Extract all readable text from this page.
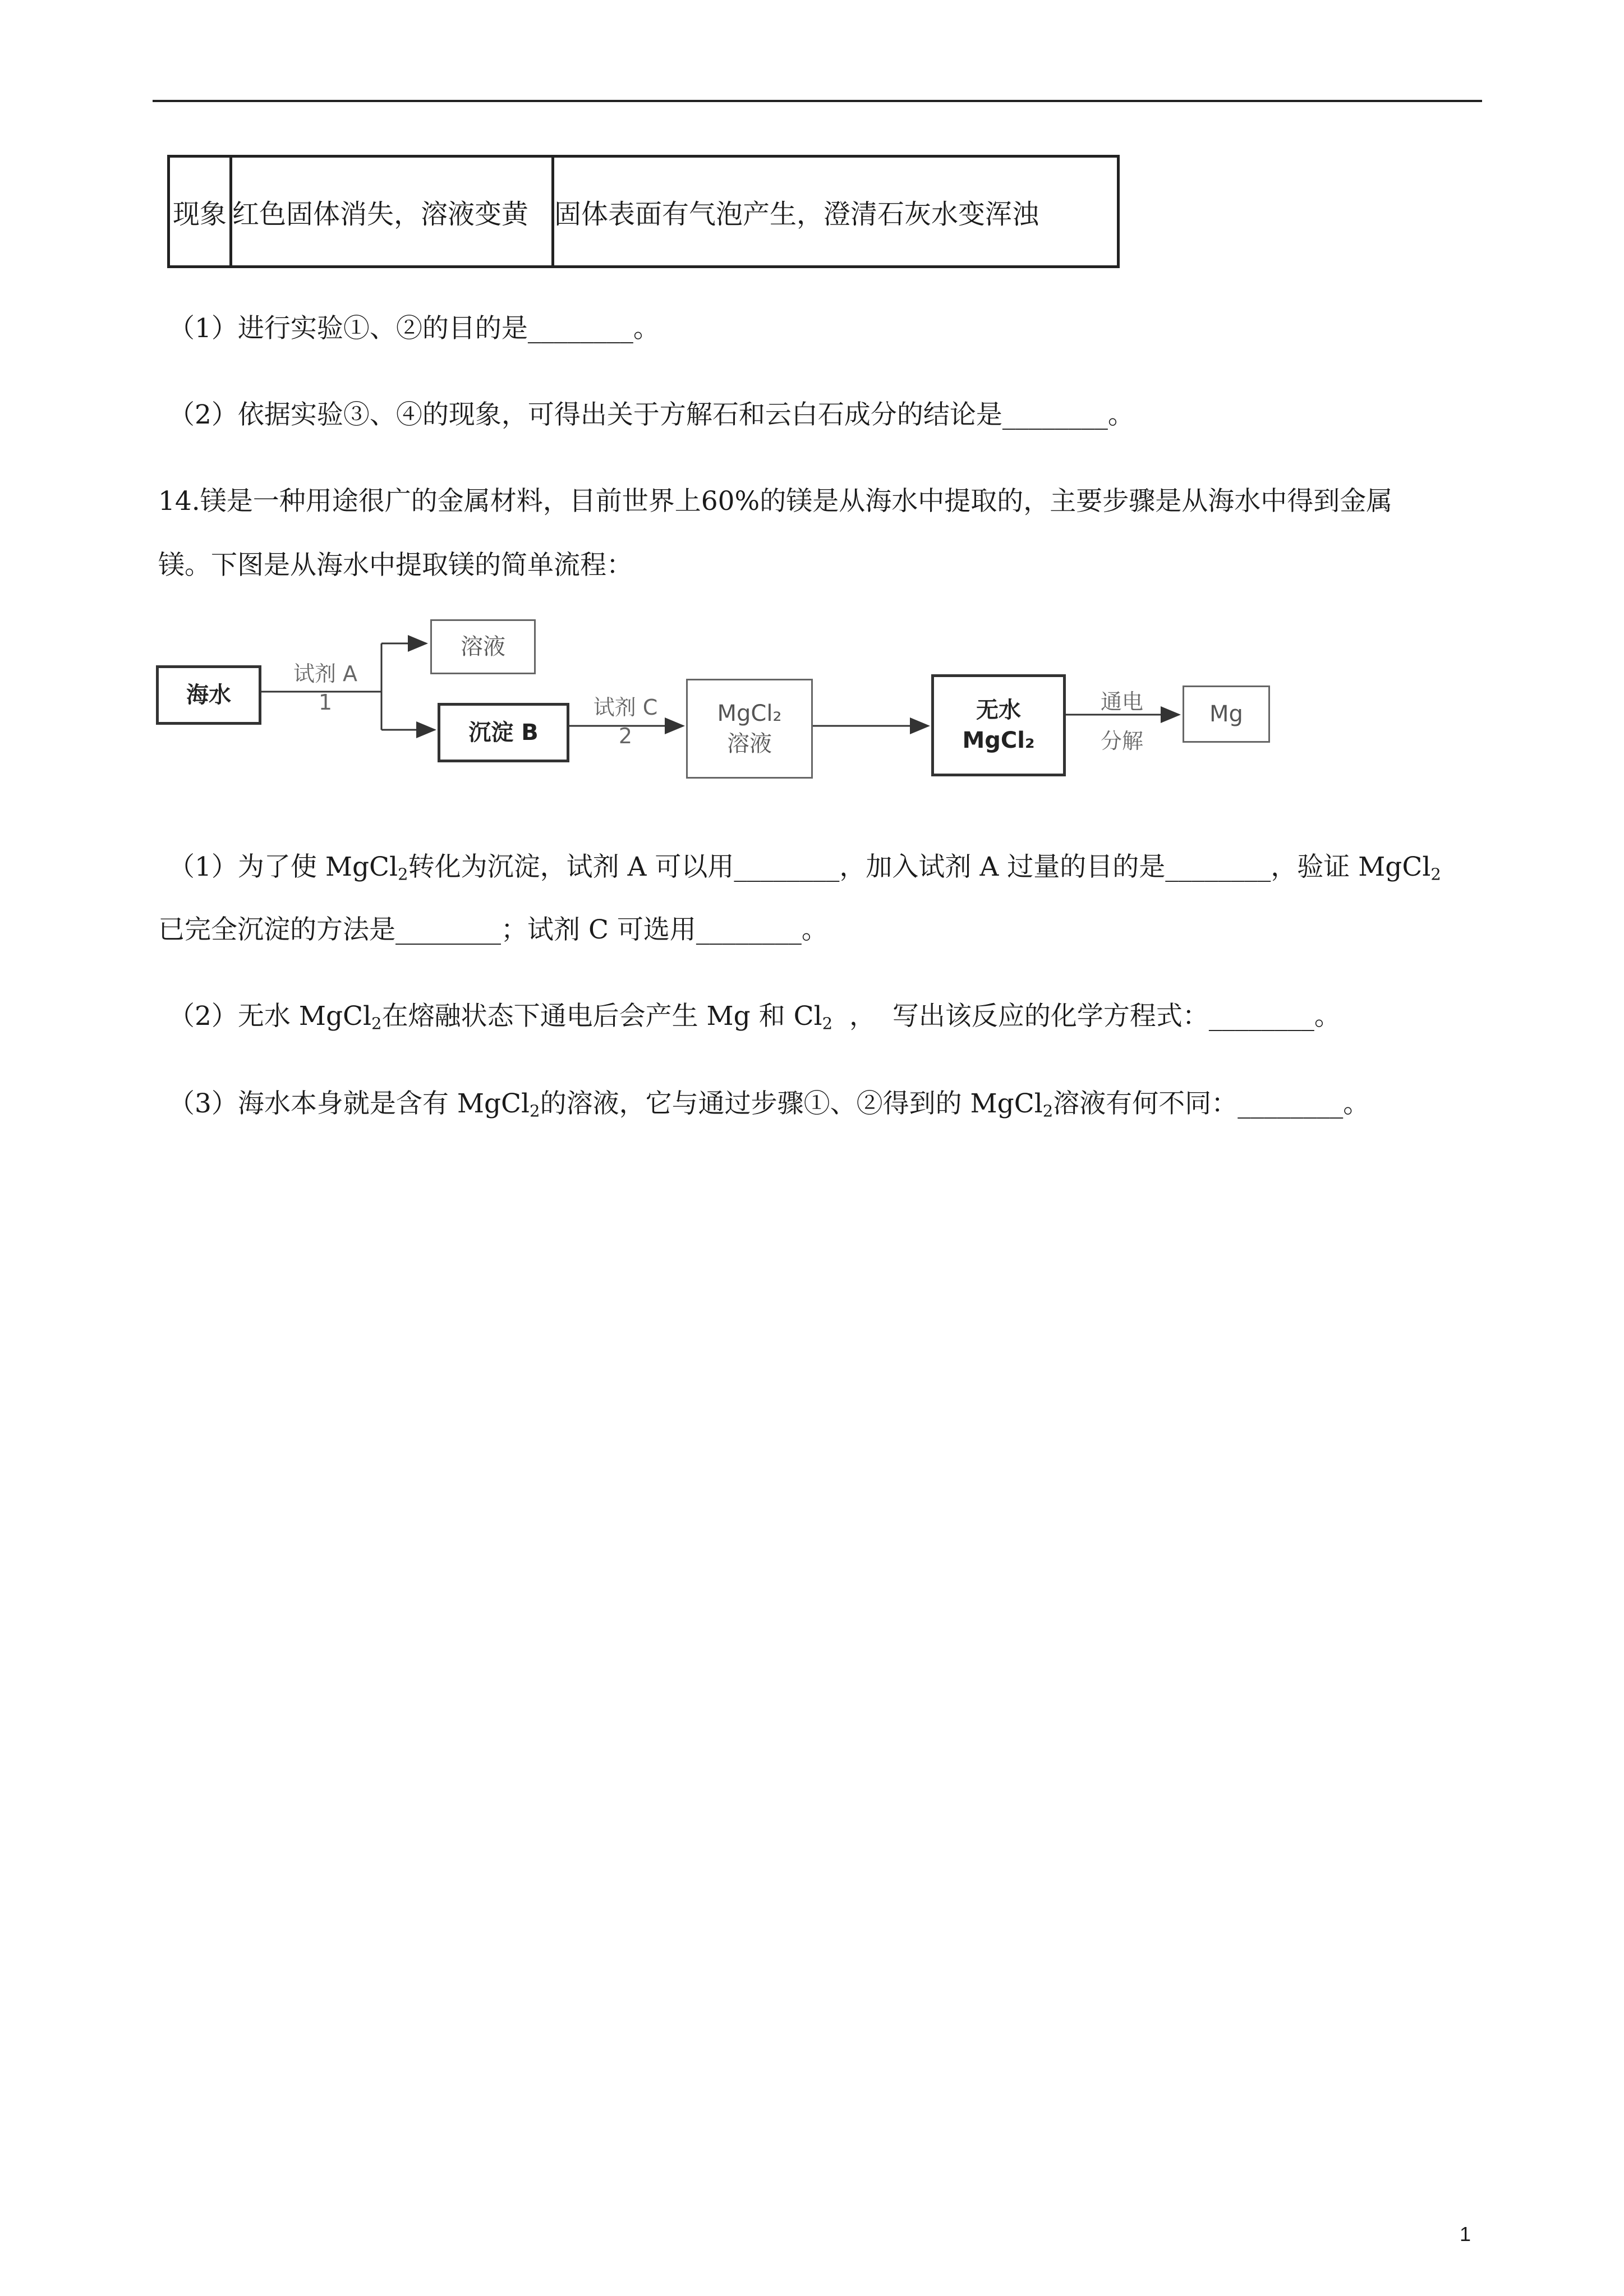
现象	红色固体消失，溶液变黄	固体表面有气泡产生，澄清石灰水变浑浊
（1）进行实验①、②的目的是________。
（2）依据实验③、④的现象，可得出关于方解石和云白石成分的结论是________。
14.镁是一种用途很广的金属材料，目前世界上60%的镁是从海水中提取的，主要步骤是从海水中得到金属
镁。下图是从海水中提取镁的简单流程：
海水
试剂 A
1
溶液
沉淀 B
试剂 C
2
MgCl₂
溶液
无水
MgCl₂
通电
分解
Mg
（1）为了使 MgCl$_2$转化为沉淀，试剂 A 可以用________，加入试剂 A 过量的目的是________，验证 MgCl$_2$
已完全沉淀的方法是________；试剂 C 可选用________。
（2）无水 MgCl$_2$在熔融状态下通电后会产生 Mg 和 $Cl_2$  ，  写出该反应的化学方程式：________。
（3）海水本身就是含有 MgCl$_2$的溶液，它与通过步骤①、②得到的 MgCl$_2$溶液有何不同：________。
1
